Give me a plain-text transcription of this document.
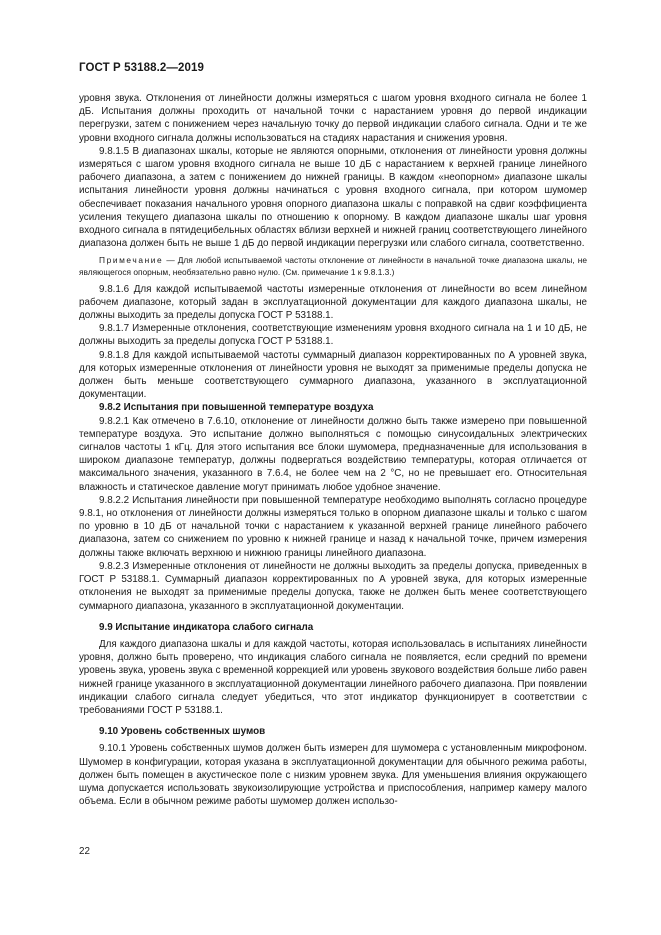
ГОСТ Р 53188.2—2019

уровня звука. Отклонения от линейности должны измеряться с шагом уровня входного сигнала не более 1 дБ. Испытания должны проходить от начальной точки с нарастанием уровня до первой индикации перегрузки, затем с понижением через начальную точку до первой индикации слабого сигнала. Одни и те же уровни входного сигнала должны использоваться на стадиях нарастания и снижения уровня.

9.8.1.5 В диапазонах шкалы, которые не являются опорными, отклонения от линейности уровня должны измеряться с шагом уровня входного сигнала не выше 10 дБ с нарастанием к верхней границе линейного рабочего диапазона, а затем с понижением до нижней границы. В каждом «неопорном» диапазоне шкалы испытания линейности уровня должны начинаться с уровня входного сигнала, при котором шумомер обеспечивает показания начального уровня опорного диапазона шкалы с поправкой на сдвиг коэффициента усиления текущего диапазона шкалы по отношению к опорному. В каждом диапазоне шкалы шаг уровня входного сигнала в пятидецибельных областях вблизи верхней и нижней границ соответствующего линейного диапазона должен быть не выше 1 дБ до первой индикации перегрузки или слабого сигнала, соответственно.

Примечание — Для любой испытываемой частоты отклонение от линейности в начальной точке диапазона шкалы, не являющегося опорным, необязательно равно нулю. (См. примечание 1 к 9.8.1.3.)

9.8.1.6 Для каждой испытываемой частоты измеренные отклонения от линейности во всем линейном рабочем диапазоне, который задан в эксплуатационной документации для каждого диапазона шкалы, не должны выходить за пределы допуска ГОСТ Р 53188.1.

9.8.1.7 Измеренные отклонения, соответствующие изменениям уровня входного сигнала на 1 и 10 дБ, не должны выходить за пределы допуска ГОСТ Р 53188.1.

9.8.1.8 Для каждой испытываемой частоты суммарный диапазон корректированных по А уровней звука, для которых измеренные отклонения от линейности уровня не выходят за применимые пределы допуска не должен быть меньше соответствующего суммарного диапазона, указанного в эксплуатационной документации.

9.8.2 Испытания при повышенной температуре воздуха

9.8.2.1 Как отмечено в 7.6.10, отклонение от линейности должно быть также измерено при повышенной температуре воздуха. Это испытание должно выполняться с помощью синусоидальных электрических сигналов частоты 1 кГц. Для этого испытания все блоки шумомера, предназначенные для использования в широком диапазоне температур, должны подвергаться воздействию температуры, которая отличается от максимального значения, указанного в 7.6.4, не более чем на 2 °С, но не превышает его. Относительная влажность и статическое давление могут принимать любое удобное значение.

9.8.2.2 Испытания линейности при повышенной температуре необходимо выполнять согласно процедуре 9.8.1, но отклонения от линейности должны измеряться только в опорном диапазоне шкалы и только с шагом по уровню в 10 дБ от начальной точки с нарастанием к указанной верхней границе линейного рабочего диапазона, затем со снижением по уровню к нижней границе и назад к начальной точке, причем измерения должны также включать верхнюю и нижнюю границы линейного диапазона.

9.8.2.3 Измеренные отклонения от линейности не должны выходить за пределы допуска, приведенных в ГОСТ Р 53188.1. Суммарный диапазон корректированных по А уровней звука, для которых измеренные отклонения не выходят за применимые пределы допуска, также не должен быть менее соответствующего суммарного диапазона, указанного в эксплуатационной документации.

9.9 Испытание индикатора слабого сигнала

Для каждого диапазона шкалы и для каждой частоты, которая использовалась в испытаниях линейности уровня, должно быть проверено, что индикация слабого сигнала не появляется, если средний по времени уровень звука, уровень звука с временной коррекцией или уровень звукового воздействия больше либо равен нижней границе указанного в эксплуатационной документации линейного рабочего диапазона. При появлении индикации слабого сигнала следует убедиться, что этот индикатор функционирует в соответствии с требованиями ГОСТ Р 53188.1.

9.10 Уровень собственных шумов

9.10.1 Уровень собственных шумов должен быть измерен для шумомера с установленным микрофоном. Шумомер в конфигурации, которая указана в эксплуатационной документации для обычного режима работы, должен быть помещен в акустическое поле с низким уровнем звука. Для уменьшения влияния окружающего шума допускается использовать звукоизолирующие устройства и приспособления, например камеру малого объема. Если в обычном режиме работы шумомер должен использо-

22
